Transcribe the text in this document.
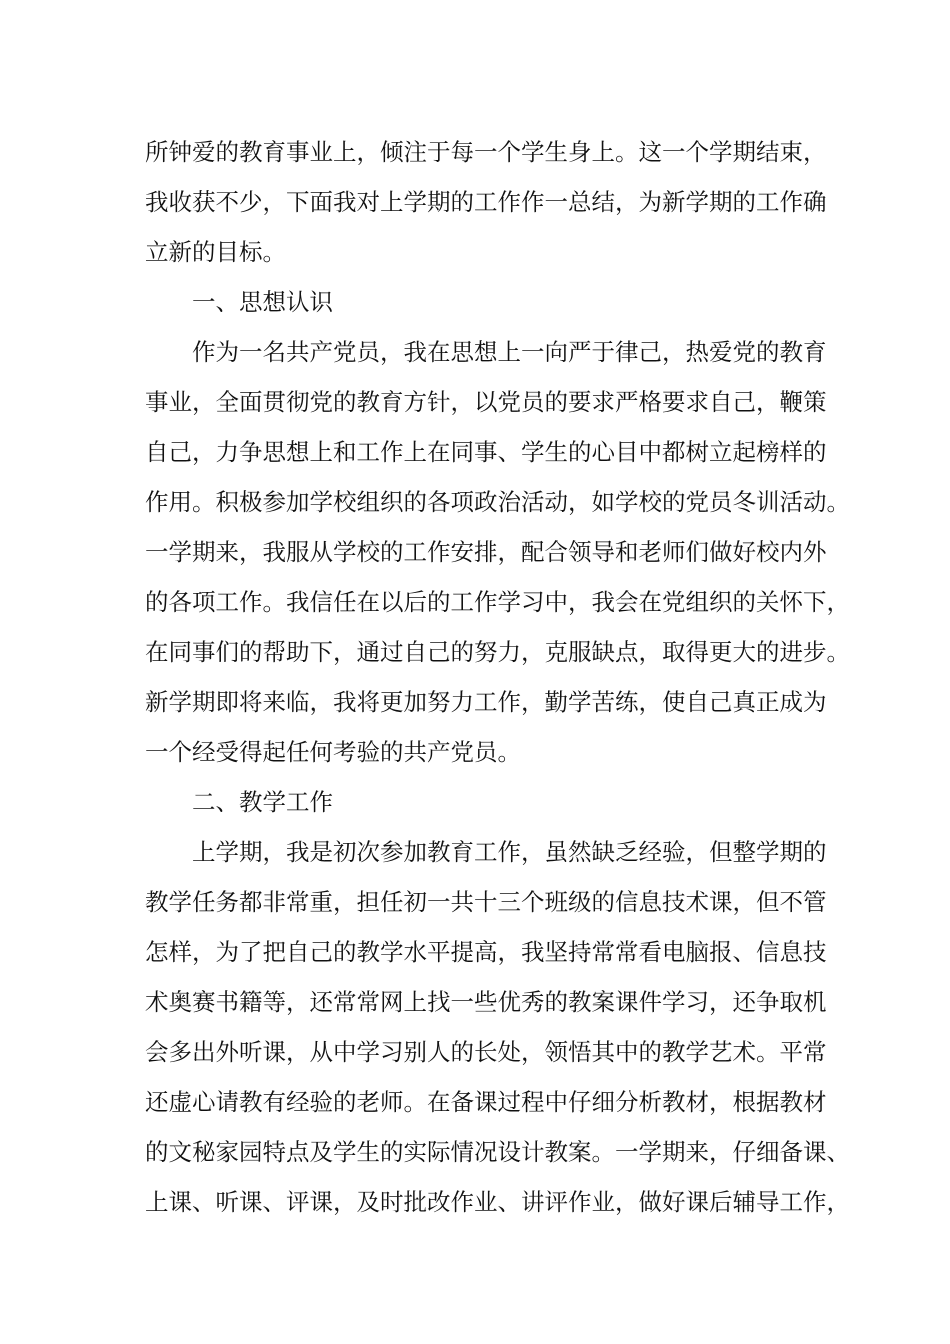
所钟爱的教育事业上，倾注于每一个学生身上。这一个学期结束，
我收获不少，下面我对上学期的工作作一总结，为新学期的工作确
立新的目标。
一、思想认识
作为一名共产党员，我在思想上一向严于律己，热爱党的教育
事业，全面贯彻党的教育方针，以党员的要求严格要求自己，鞭策
自己，力争思想上和工作上在同事、学生的心目中都树立起榜样的
作用。积极参加学校组织的各项政治活动，如学校的党员冬训活动。
一学期来，我服从学校的工作安排，配合领导和老师们做好校内外
的各项工作。我信任在以后的工作学习中，我会在党组织的关怀下，
在同事们的帮助下，通过自己的努力，克服缺点，取得更大的进步。
新学期即将来临，我将更加努力工作，勤学苦练，使自己真正成为
一个经受得起任何考验的共产党员。
二、教学工作
上学期，我是初次参加教育工作，虽然缺乏经验，但整学期的
教学任务都非常重，担任初一共十三个班级的信息技术课，但不管
怎样，为了把自己的教学水平提高，我坚持常常看电脑报、信息技
术奥赛书籍等，还常常网上找一些优秀的教案课件学习，还争取机
会多出外听课，从中学习别人的长处，领悟其中的教学艺术。平常
还虚心请教有经验的老师。在备课过程中仔细分析教材，根据教材
的文秘家园特点及学生的实际情况设计教案。一学期来，仔细备课、
上课、听课、评课，及时批改作业、讲评作业，做好课后辅导工作，
